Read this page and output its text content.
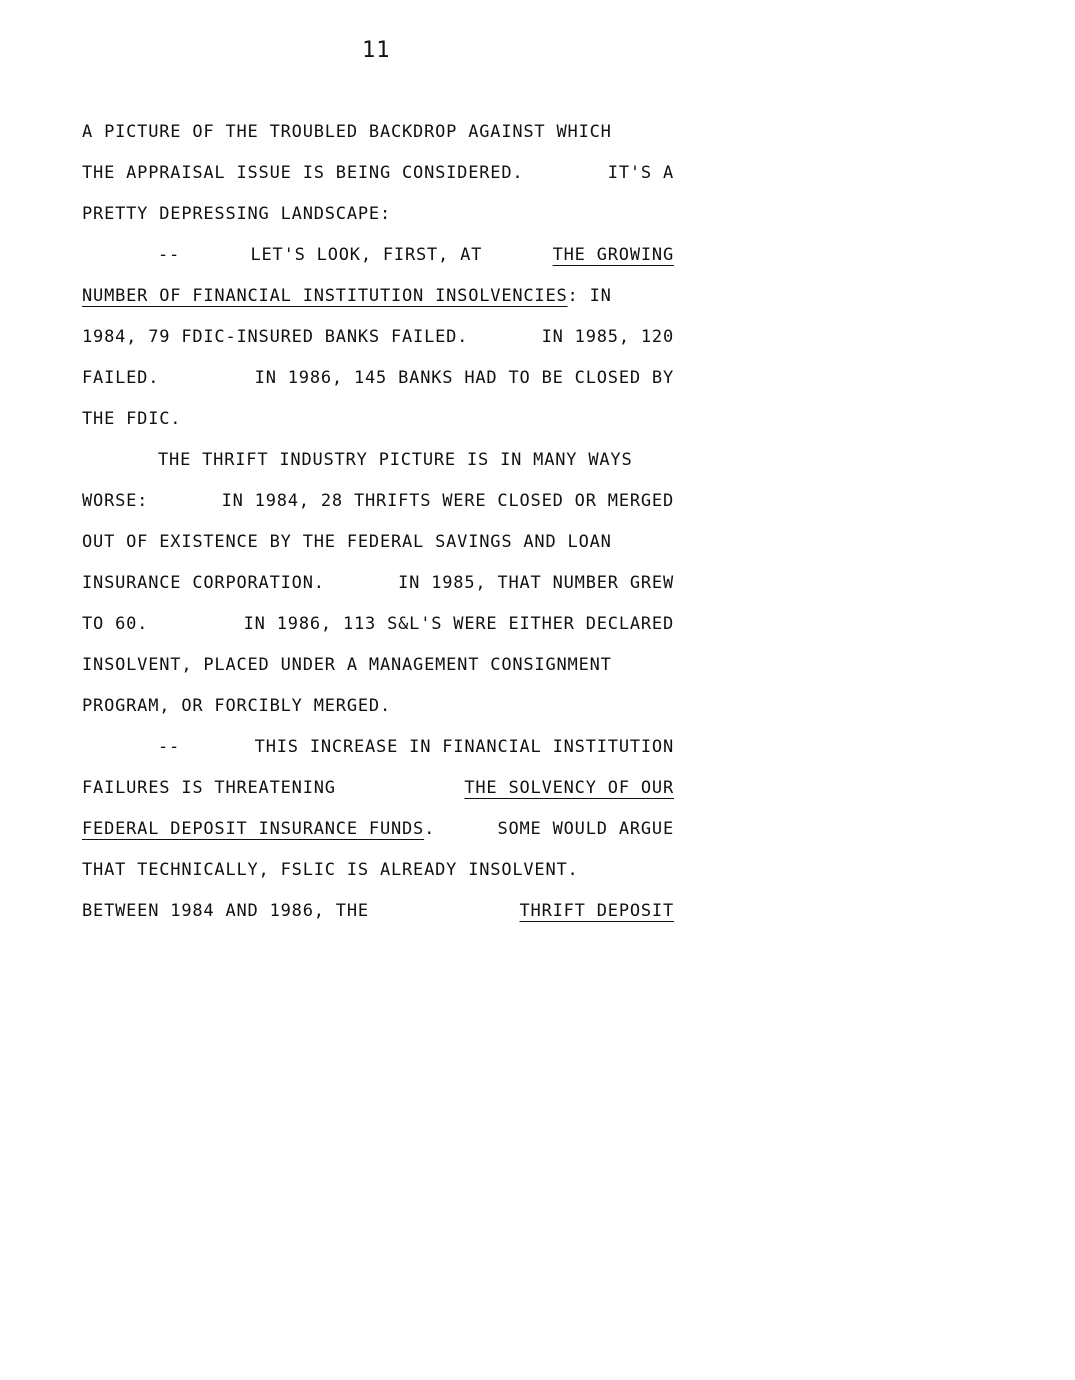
11
A PICTURE OF THE TROUBLED BACKDROP AGAINST WHICH
THE APPRAISAL ISSUE IS BEING CONSIDERED.	IT'S A
PRETTY DEPRESSING LANDSCAPE:
--	LET'S LOOK, FIRST, AT	THE GROWING
NUMBER OF FINANCIAL INSTITUTION INSOLVENCIES : IN
1984, 79 FDIC-INSURED BANKS FAILED.	IN 1985, 120
FAILED.	IN 1986, 145 BANKS HAD TO BE CLOSED BY
THE FDIC.
THE THRIFT INDUSTRY PICTURE IS IN MANY WAYS
WORSE:	IN 1984, 28 THRIFTS WERE CLOSED OR MERGED
OUT OF EXISTENCE BY THE FEDERAL SAVINGS AND LOAN
INSURANCE CORPORATION.	IN 1985, THAT NUMBER GREW
TO 60.	IN 1986, 113 S&L'S WERE EITHER DECLARED
INSOLVENT, PLACED UNDER A MANAGEMENT CONSIGNMENT
PROGRAM, OR FORCIBLY MERGED.
--	THIS INCREASE IN FINANCIAL INSTITUTION
FAILURES IS THREATENING	THE SOLVENCY OF OUR
FEDERAL DEPOSIT INSURANCE FUNDS.	SOME WOULD ARGUE
THAT TECHNICALLY, FSLIC IS ALREADY INSOLVENT.
BETWEEN 1984 AND 1986, THE	THRIFT DEPOSIT
